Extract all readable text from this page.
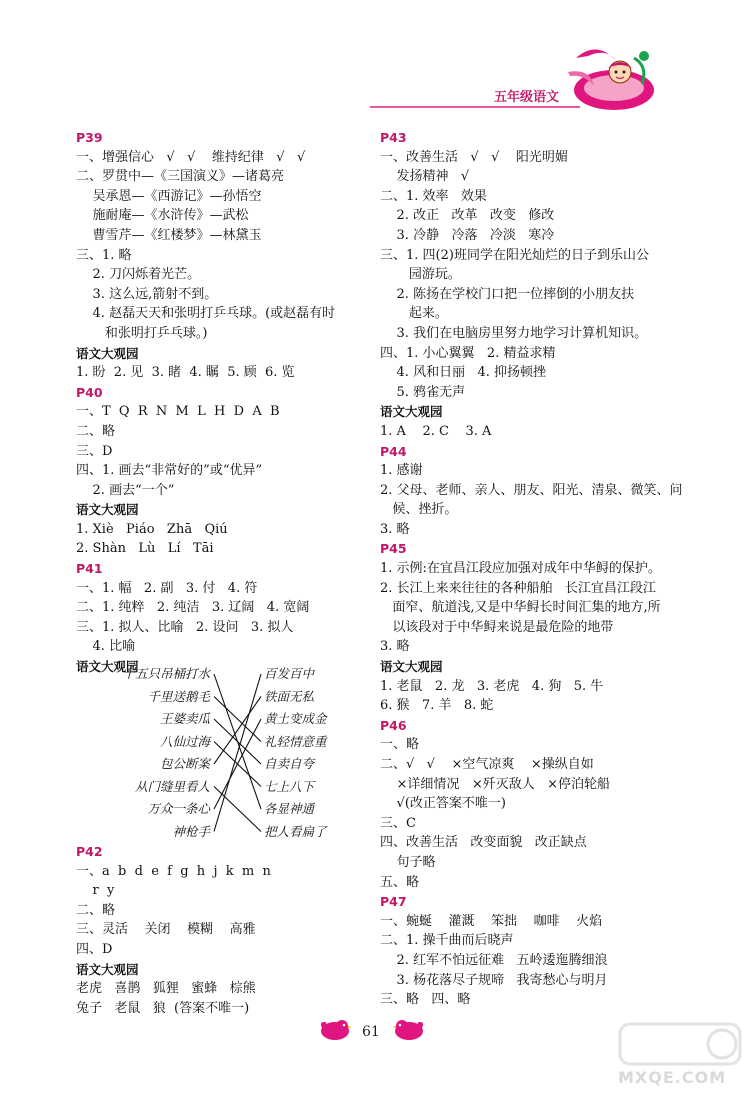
五年级语文
P39
一、增强信心   √   √    维持纪律   √   √
二、罗贯中—《三国演义》—诸葛亮
吴承恩—《西游记》—孙悟空
施耐庵—《水浒传》—武松
曹雪芹—《红楼梦》—林黛玉
三、1. 略
2. 刀闪烁着光芒。
3. 这么远,箭射不到。
4. 赵磊天天和张明打乒乓球。(或赵磊有时
和张明打乒乓球。)
语文大观园
1. 盼  2. 见  3. 睹  4. 瞩  5. 顾  6. 览
P40
一、T  Q  R  N  M  L  H  D  A  B
二、略
三、D
四、1. 画去“非常好的”或“优异”
2. 画去“一个”
语文大观园
1. Xiè   Piáo   Zhā   Qiú
2. Shàn   Lù   Lí   Tāi
P41
一、1. 幅   2. 副   3. 付   4. 符
二、1. 纯粹   2. 纯洁   3. 辽阔   4. 宽阔
三、1. 拟人、比喻   2. 设问   3. 拟人
4. 比喻
语文大观园
十五只吊桶打水
千里送鹅毛
王婆卖瓜
八仙过海
包公断案
从门缝里看人
万众一条心
神枪手
百发百中
铁面无私
黄土变成金
礼轻情意重
自卖自夸
七上八下
各显神通
把人看扁了
P42
一、a  b  d  e  f  g  h  j  k  m  n
r  y
二、略
三、灵活    关闭    模糊    高雅
四、D
语文大观园
老虎   喜鹊   狐狸   蜜蜂   棕熊
兔子   老鼠   狼  (答案不唯一)
P43
一、改善生活   √   √    阳光明媚
发扬精神   √
二、1. 效率   效果
2. 改正   改革   改变   修改
3. 冷静   冷落   冷淡   寒冷
三、1. 四(2)班同学在阳光灿烂的日子到乐山公
园游玩。
2. 陈扬在学校门口把一位摔倒的小朋友扶
起来。
3. 我们在电脑房里努力地学习计算机知识。
四、1. 小心翼翼   2. 精益求精
4. 风和日丽   4. 抑扬顿挫
5. 鸦雀无声
语文大观园
1. A    2. C    3. A
P44
1. 感谢
2. 父母、老师、亲人、朋友、阳光、清泉、微笑、问
候、挫折。
3. 略
P45
1. 示例:在宜昌江段应加强对成年中华鲟的保护。
2. 长江上来来往往的各种船舶   长江宜昌江段江
面窄、航道浅,又是中华鲟长时间汇集的地方,所
以该段对于中华鲟来说是最危险的地带
3. 略
语文大观园
1. 老鼠   2. 龙   3. 老虎   4. 狗   5. 牛
6. 猴   7. 羊   8. 蛇
P46
一、略
二、√   √    ×空气凉爽    ×操纵自如
×详细情况   ×歼灭敌人   ×停泊轮船
√(改正答案不唯一)
三、C
四、改善生活   改变面貌   改正缺点
句子略
五、略
P47
一、蜿蜒    灌溉    笨拙    咖啡    火焰
二、1. 操千曲而后晓声
2. 红军不怕远征难   五岭逶迤腾细浪
3. 杨花落尽子规啼   我寄愁心与明月
三、略   四、略
61
MXQE.COM
